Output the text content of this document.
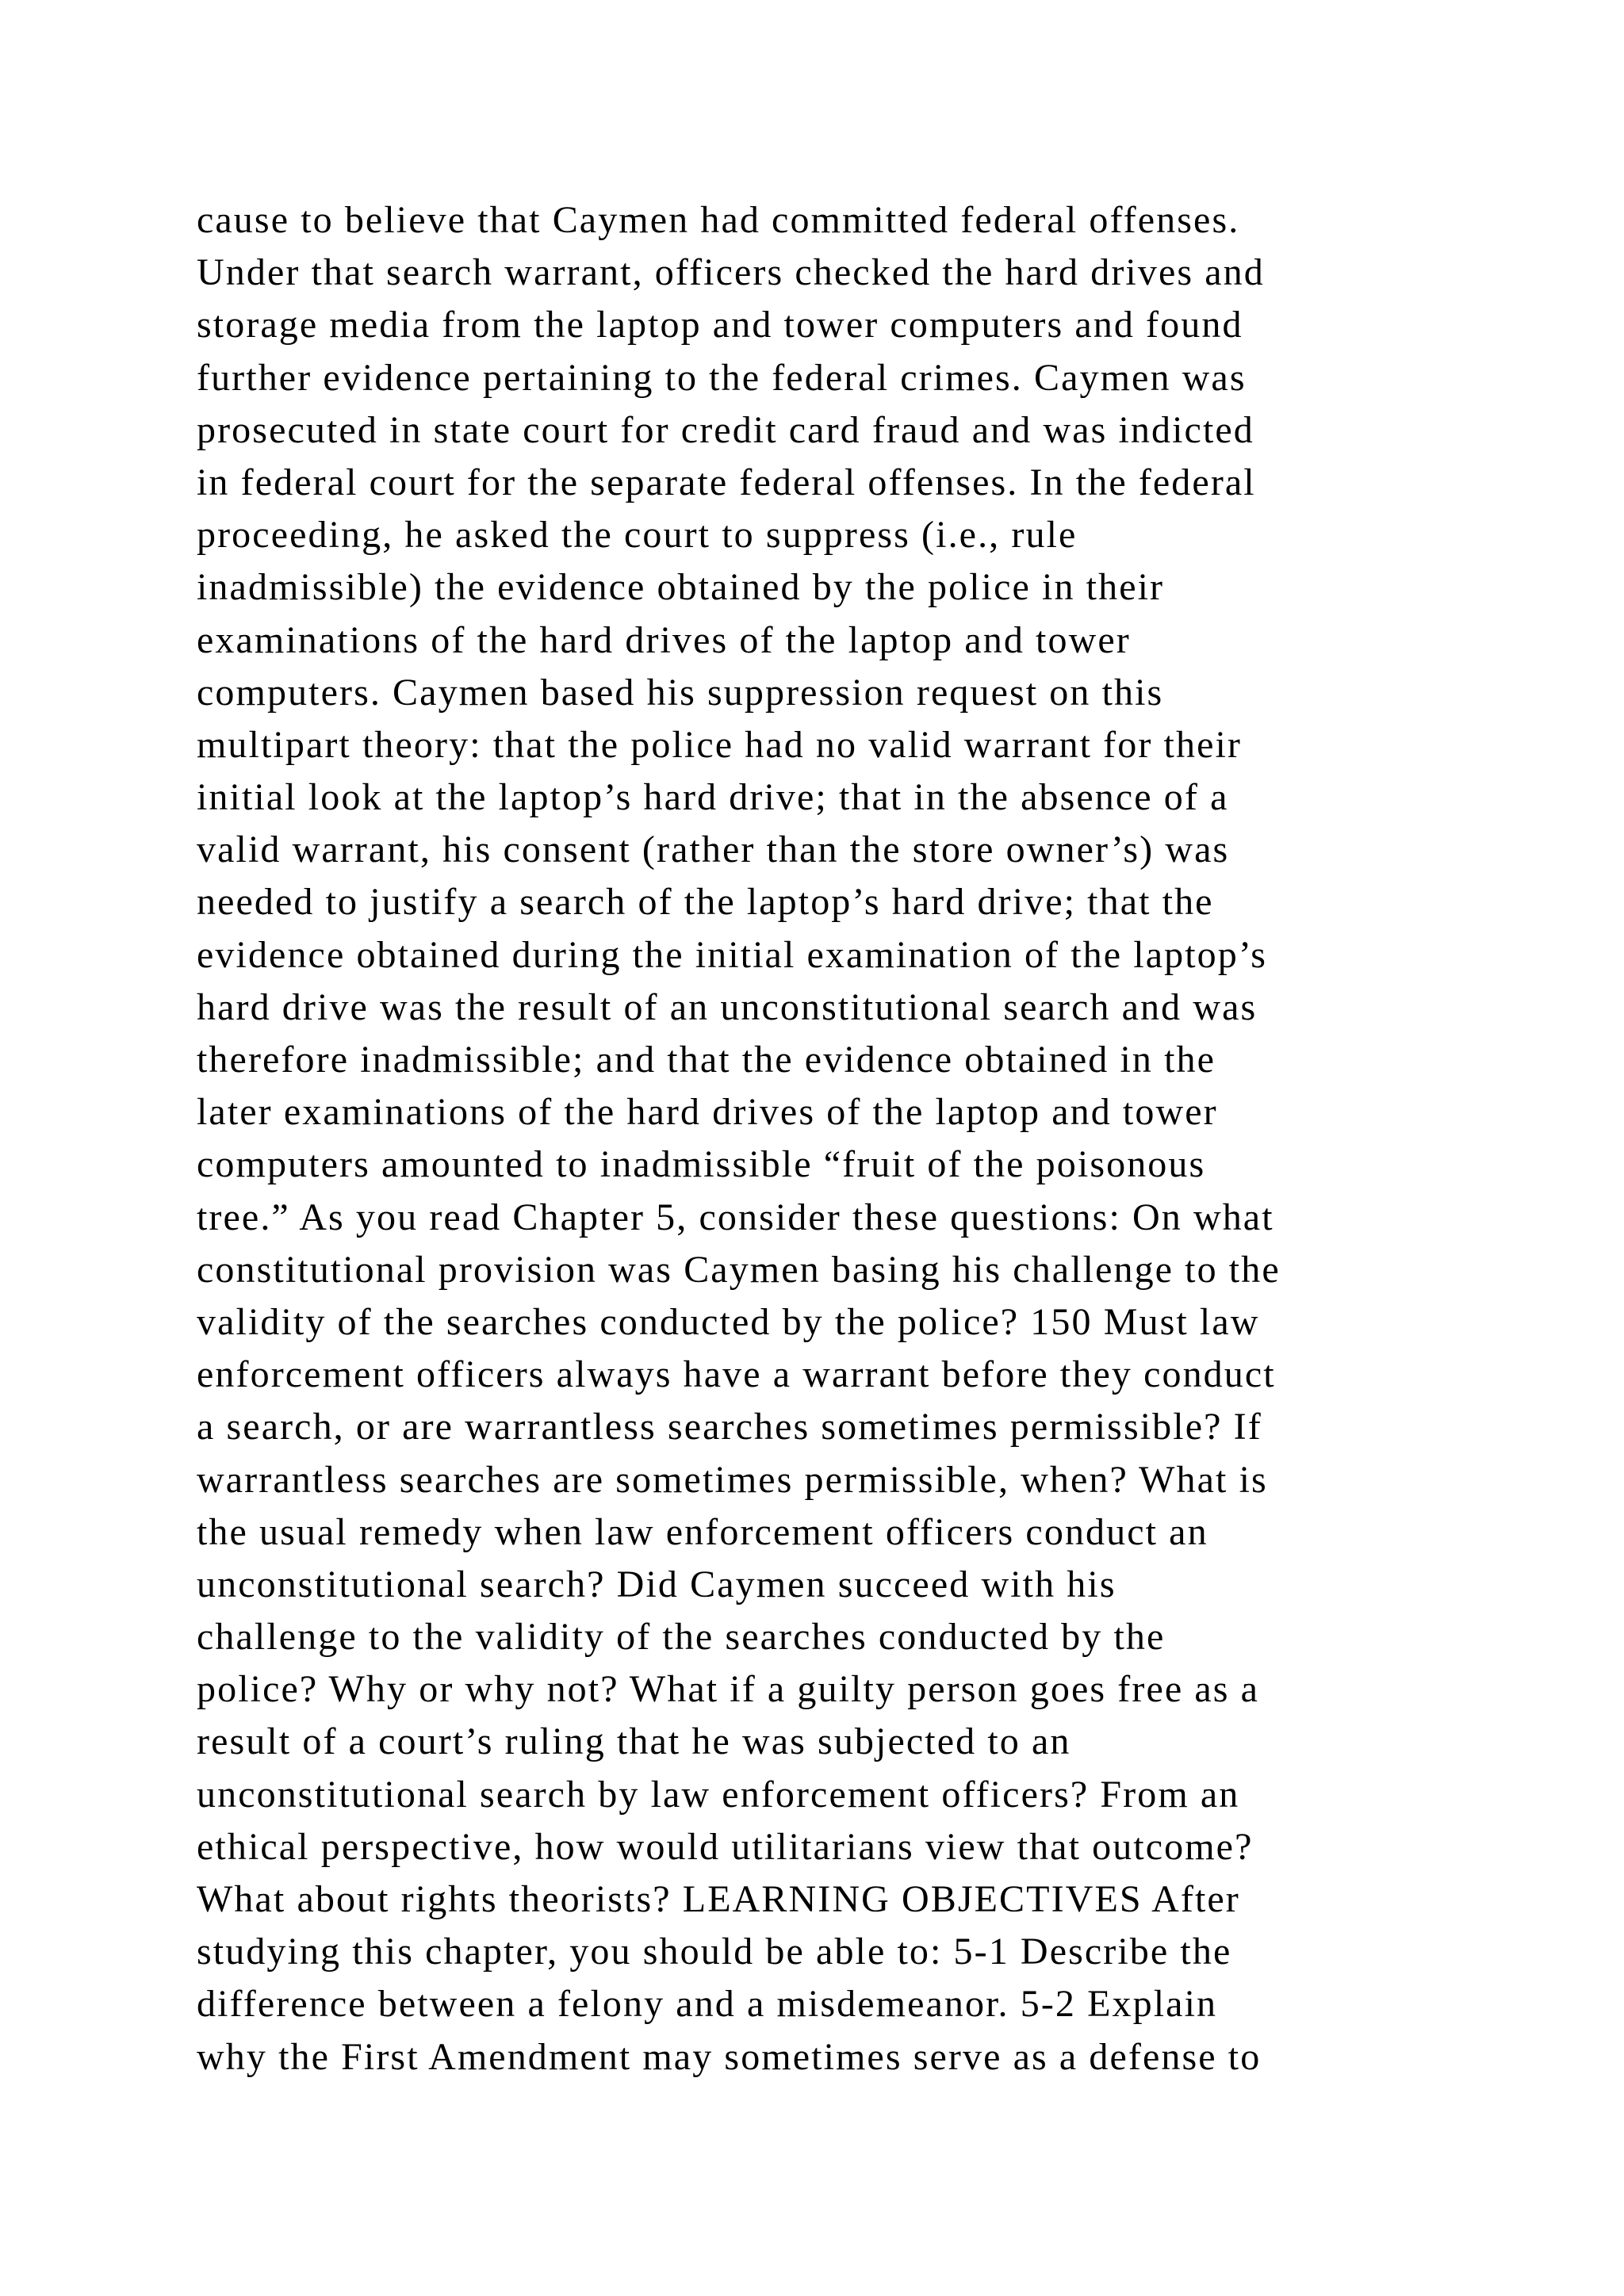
cause to believe that Caymen had committed federal offenses.
Under that search warrant, officers checked the hard drives and
storage media from the laptop and tower computers and found
further evidence pertaining to the federal crimes. Caymen was
prosecuted in state court for credit card fraud and was indicted
in federal court for the separate federal offenses. In the federal
proceeding, he asked the court to suppress (i.e., rule
inadmissible) the evidence obtained by the police in their
examinations of the hard drives of the laptop and tower
computers. Caymen based his suppression request on this
multipart theory: that the police had no valid warrant for their
initial look at the laptop’s hard drive; that in the absence of a
valid warrant, his consent (rather than the store owner’s) was
needed to justify a search of the laptop’s hard drive; that the
evidence obtained during the initial examination of the laptop’s
hard drive was the result of an unconstitutional search and was
therefore inadmissible; and that the evidence obtained in the
later examinations of the hard drives of the laptop and tower
computers amounted to inadmissible “fruit of the poisonous
tree.” As you read Chapter 5, consider these questions: On what
constitutional provision was Caymen basing his challenge to the
validity of the searches conducted by the police? 150 Must law
enforcement officers always have a warrant before they conduct
a search, or are warrantless searches sometimes permissible? If
warrantless searches are sometimes permissible, when? What is
the usual remedy when law enforcement officers conduct an
unconstitutional search? Did Caymen succeed with his
challenge to the validity of the searches conducted by the
police? Why or why not? What if a guilty person goes free as a
result of a court’s ruling that he was subjected to an
unconstitutional search by law enforcement officers? From an
ethical perspective, how would utilitarians view that outcome?
What about rights theorists? LEARNING OBJECTIVES After
studying this chapter, you should be able to: 5-1 Describe the
difference between a felony and a misdemeanor. 5-2 Explain
why the First Amendment may sometimes serve as a defense to
